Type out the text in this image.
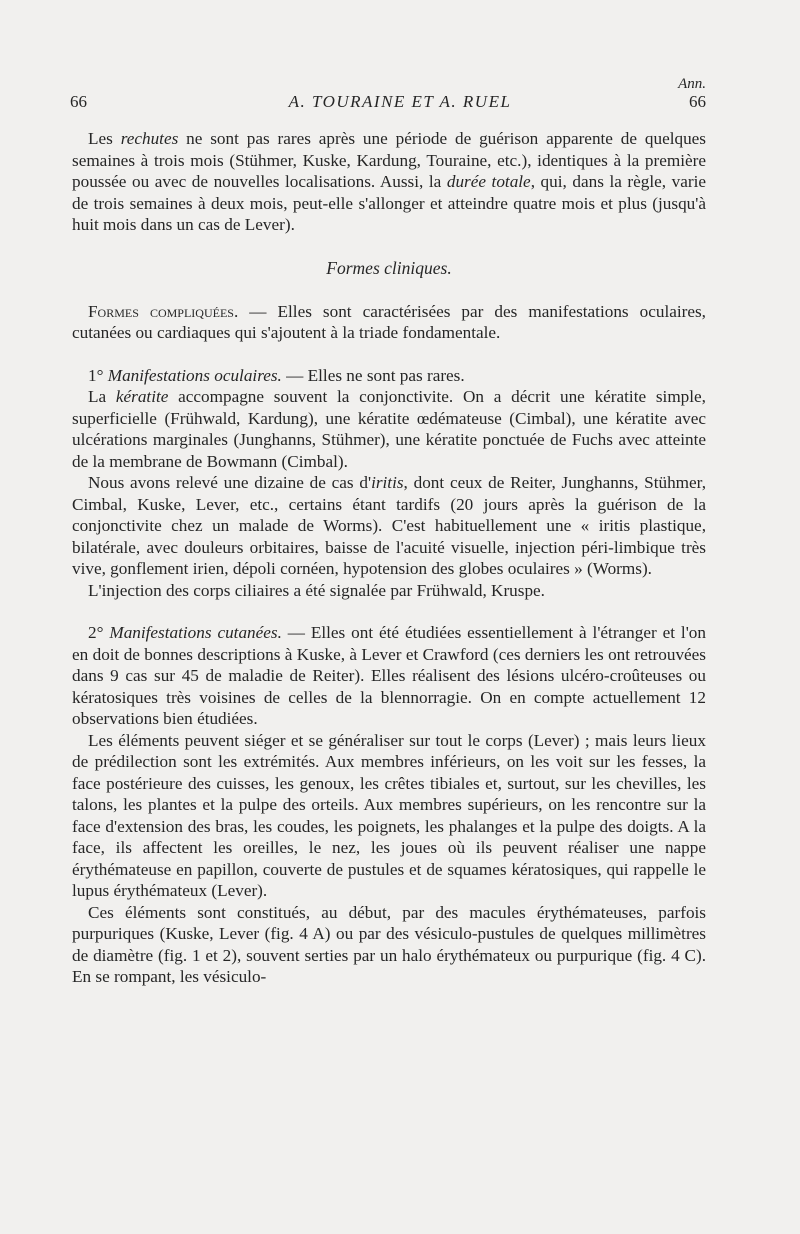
66	A. TOURAINE ET A. RUEL
Ann.
66

Les rechutes ne sont pas rares après une période de guérison apparente de quelques semaines à trois mois (Stühmer, Kuske, Kardung, Touraine, etc.), identiques à la première poussée ou avec de nouvelles localisations. Aussi, la durée totale, qui, dans la règle, varie de trois semaines à deux mois, peut-elle s'allonger et atteindre quatre mois et plus (jusqu'à huit mois dans un cas de Lever).

Formes cliniques.

Formes compliquées. — Elles sont caractérisées par des manifestations oculaires, cutanées ou cardiaques qui s'ajoutent à la triade fondamentale.

1° Manifestations oculaires. — Elles ne sont pas rares.

La kératite accompagne souvent la conjonctivite. On a décrit une kératite simple, superficielle (Frühwald, Kardung), une kératite œdémateuse (Cimbal), une kératite avec ulcérations marginales (Junghanns, Stühmer), une kératite ponctuée de Fuchs avec atteinte de la membrane de Bowmann (Cimbal).

Nous avons relevé une dizaine de cas d'iritis, dont ceux de Reiter, Junghanns, Stühmer, Cimbal, Kuske, Lever, etc., certains étant tardifs (20 jours après la guérison de la conjonctivite chez un malade de Worms). C'est habituellement une « iritis plastique, bilatérale, avec douleurs orbitaires, baisse de l'acuité visuelle, injection péri-limbique très vive, gonflement irien, dépoli cornéen, hypotension des globes oculaires » (Worms).

L'injection des corps ciliaires a été signalée par Frühwald, Kruspe.

2° Manifestations cutanées. — Elles ont été étudiées essentiellement à l'étranger et l'on en doit de bonnes descriptions à Kuske, à Lever et Crawford (ces derniers les ont retrouvées dans 9 cas sur 45 de maladie de Reiter). Elles réalisent des lésions ulcéro-croûteuses ou kératosiques très voisines de celles de la blennorragie. On en compte actuellement 12 observations bien étudiées.

Les éléments peuvent siéger et se généraliser sur tout le corps (Lever) ; mais leurs lieux de prédilection sont les extrémités. Aux membres inférieurs, on les voit sur les fesses, la face postérieure des cuisses, les genoux, les crêtes tibiales et, surtout, sur les chevilles, les talons, les plantes et la pulpe des orteils. Aux membres supérieurs, on les rencontre sur la face d'extension des bras, les coudes, les poignets, les phalanges et la pulpe des doigts. A la face, ils affectent les oreilles, le nez, les joues où ils peuvent réaliser une nappe érythémateuse en papillon, couverte de pustules et de squames kératosiques, qui rappelle le lupus érythémateux (Lever).

Ces éléments sont constitués, au début, par des macules érythémateuses, parfois purpuriques (Kuske, Lever (fig. 4 A) ou par des vésiculo-pustules de quelques millimètres de diamètre (fig. 1 et 2), souvent serties par un halo érythémateux ou purpurique (fig. 4 C). En se rompant, les vésiculo-
